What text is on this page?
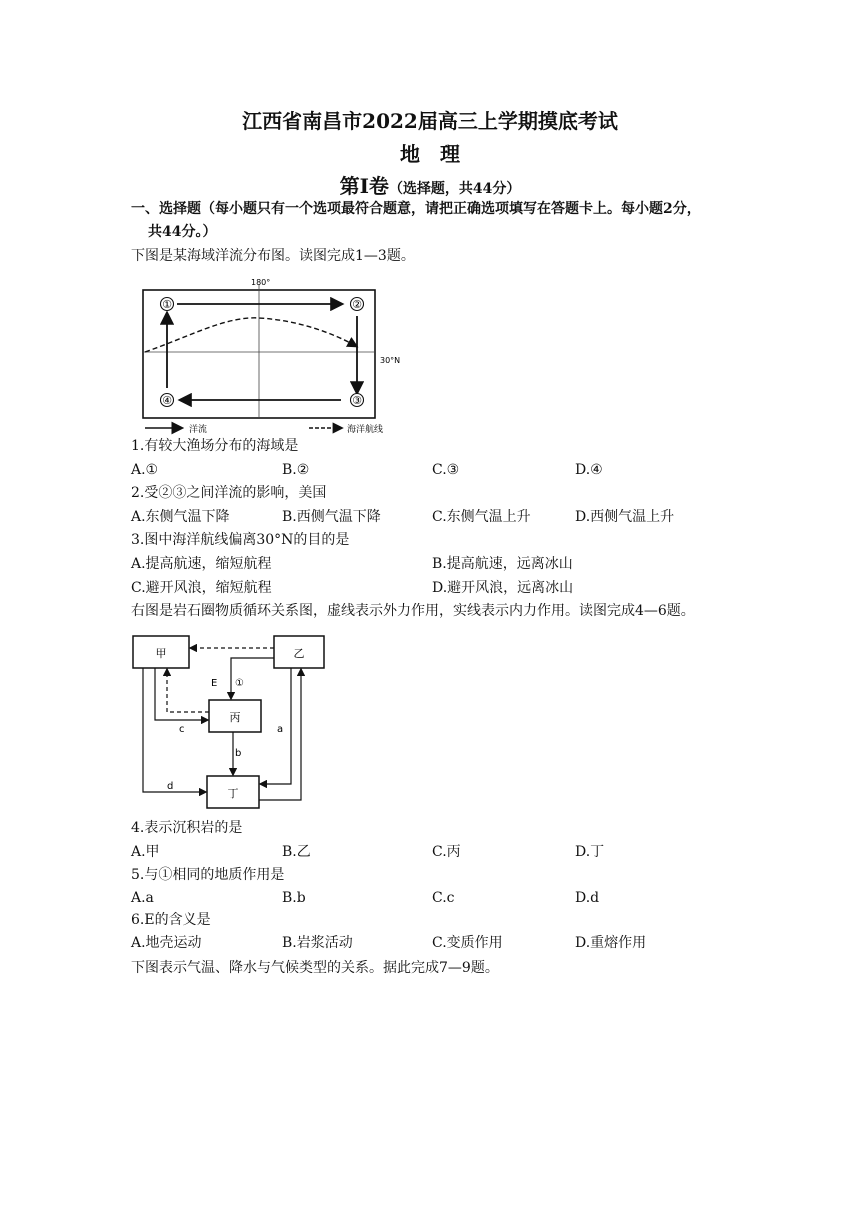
江西省南昌市2022届高三上学期摸底考试
地　理
第Ⅰ卷（选择题，共44分）
一、选择题（每小题只有一个选项最符合题意，请把正确选项填写在答题卡上。每小题2分，
共44分。）
下图是某海域洋流分布图。读图完成1—3题。
180°
30°N
①	②
③
④
洋流	海洋航线
1.有较大渔场分布的海域是
A.①	B.②	C.③	D.④
2.受②③之间洋流的影响，美国
A.东侧气温下降	B.西侧气温下降	C.东侧气温上升	D.西侧气温上升
3.图中海洋航线偏离30°N的目的是
A.提高航速，缩短航程	B.提高航速，远离冰山
C.避开风浪，缩短航程	D.避开风浪，远离冰山
右图是岩石圈物质循环关系图，虚线表示外力作用，实线表示内力作用。读图完成4—6题。
甲	乙
丙
丁
E ①
c
b
a
d
4.表示沉积岩的是
A.甲	B.乙	C.丙	D.丁
5.与①相同的地质作用是
A.a	B.b	C.c	D.d
6.E的含义是
A.地壳运动	B.岩浆活动	C.变质作用	D.重熔作用
下图表示气温、降水与气候类型的关系。据此完成7—9题。
